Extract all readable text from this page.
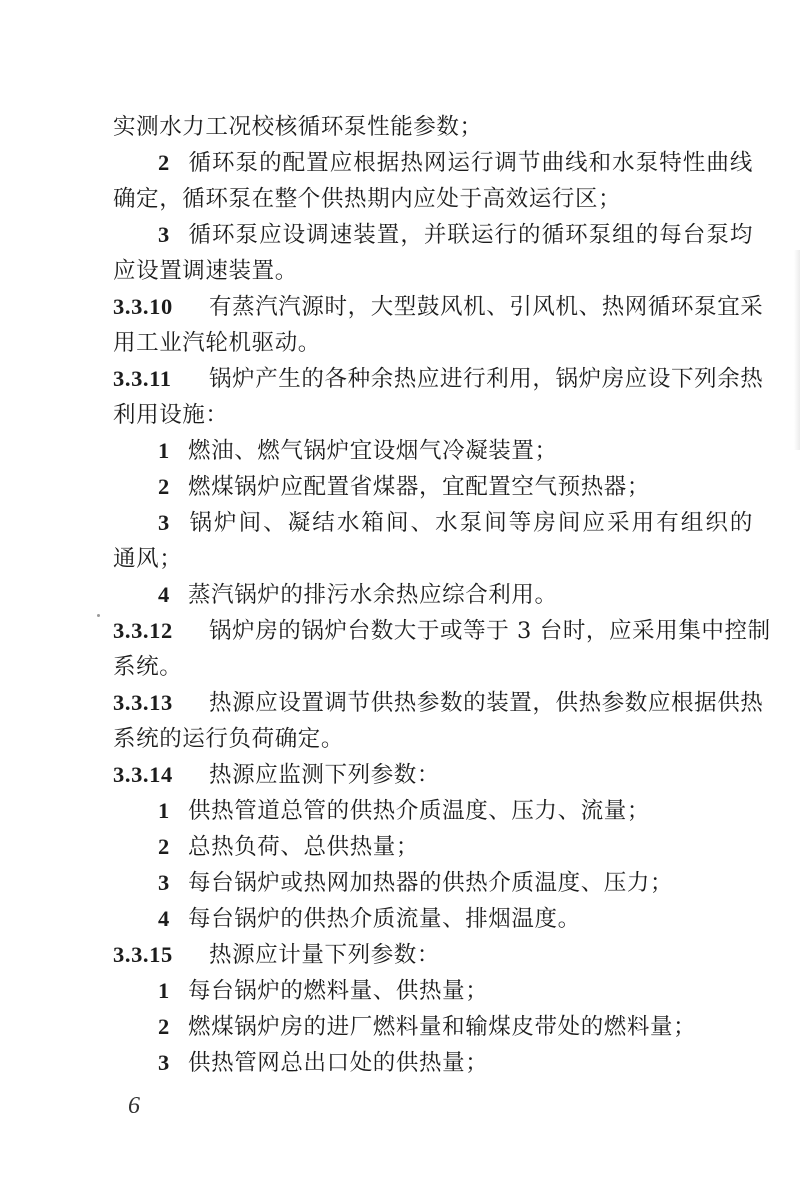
实测水力工况校核循环泵性能参数；
2 循环泵的配置应根据热网运行调节曲线和水泵特性曲线
确定，循环泵在整个供热期内应处于高效运行区；
3 循环泵应设调速装置，并联运行的循环泵组的每台泵均
应设置调速装置。
3.3.10 有蒸汽汽源时，大型鼓风机、引风机、热网循环泵宜采
用工业汽轮机驱动。
3.3.11 锅炉产生的各种余热应进行利用，锅炉房应设下列余热
利用设施：
1 燃油、燃气锅炉宜设烟气冷凝装置；
2 燃煤锅炉应配置省煤器，宜配置空气预热器；
3 锅炉间、凝结水箱间、水泵间等房间应采用有组织的
通风；
4 蒸汽锅炉的排污水余热应综合利用。
3.3.12 锅炉房的锅炉台数大于或等于 3 台时，应采用集中控制
系统。
3.3.13 热源应设置调节供热参数的装置，供热参数应根据供热
系统的运行负荷确定。
3.3.14 热源应监测下列参数：
1 供热管道总管的供热介质温度、压力、流量；
2 总热负荷、总供热量；
3 每台锅炉或热网加热器的供热介质温度、压力；
4 每台锅炉的供热介质流量、排烟温度。
3.3.15 热源应计量下列参数：
1 每台锅炉的燃料量、供热量；
2 燃煤锅炉房的进厂燃料量和输煤皮带处的燃料量；
3 供热管网总出口处的供热量；
6
